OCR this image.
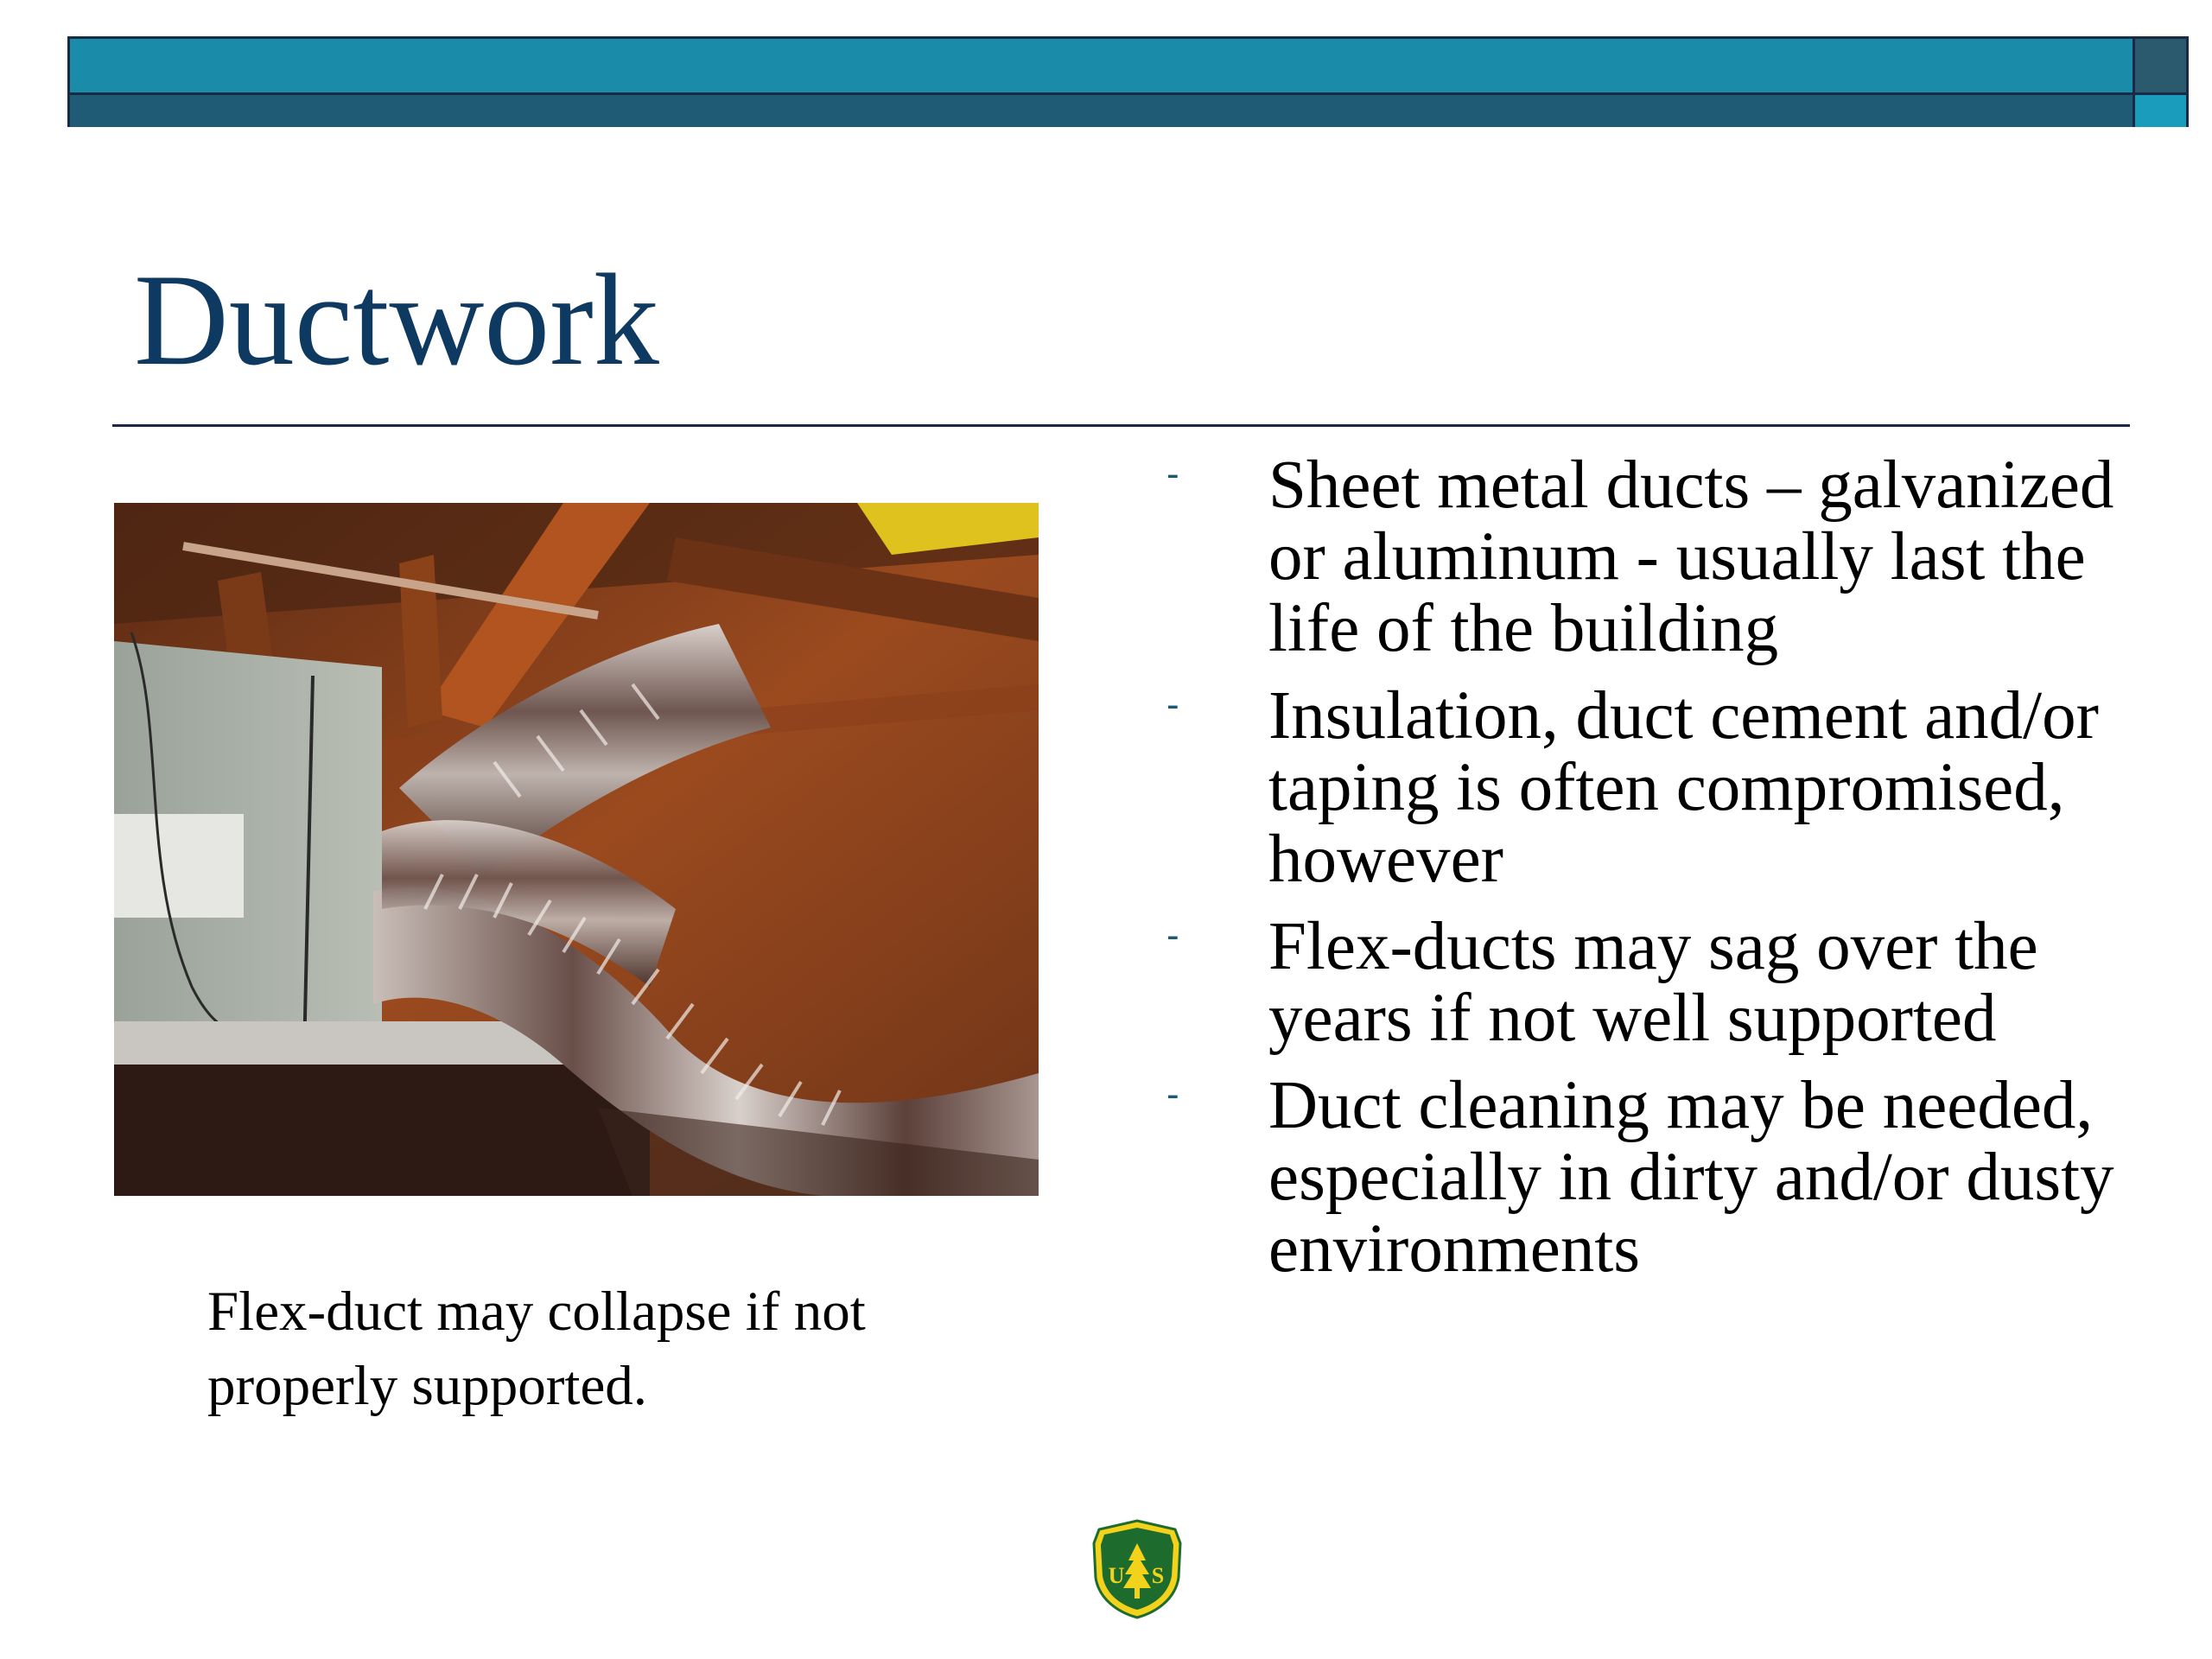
Ductwork

Flex-duct may collapse if not properly supported.

- Sheet metal ducts – galvanized or aluminum - usually last the life of the building
- Insulation, duct cement and/or taping is often compromised, however
- Flex-ducts may sag over the years if not well supported
- Duct cleaning may be needed, especially in dirty and/or dusty environments
U S
